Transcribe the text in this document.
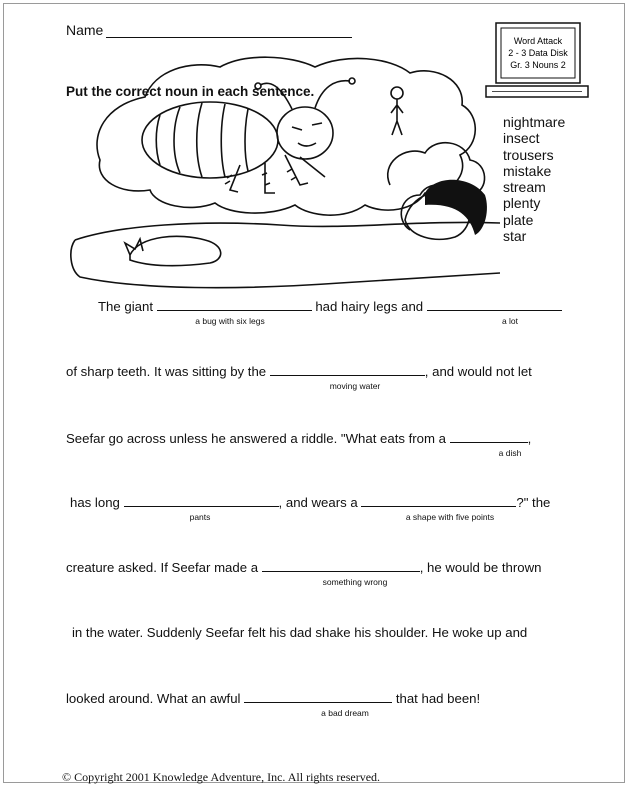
Name
Put the correct noun in each sentence.
Word Attack
2 - 3 Data Disk
Gr. 3 Nouns 2
nightmare
insect
trousers
mistake
stream
plenty
plate
star
The giant	had hairy legs and
a bug with six legs	a lot
of sharp teeth. It was sitting by the	, and would not let
moving water
Seefar go across unless he answered a riddle. "What eats from a	,
a dish
has long	, and wears a	?" the
pants	a shape with five points
creature asked. If Seefar made a	, he would be thrown
something wrong
in the water. Suddenly Seefar felt his dad shake his shoulder. He woke up and
looked around. What an awful	that had been!
a bad dream
© Copyright 2001 Knowledge Adventure, Inc. All rights reserved.
